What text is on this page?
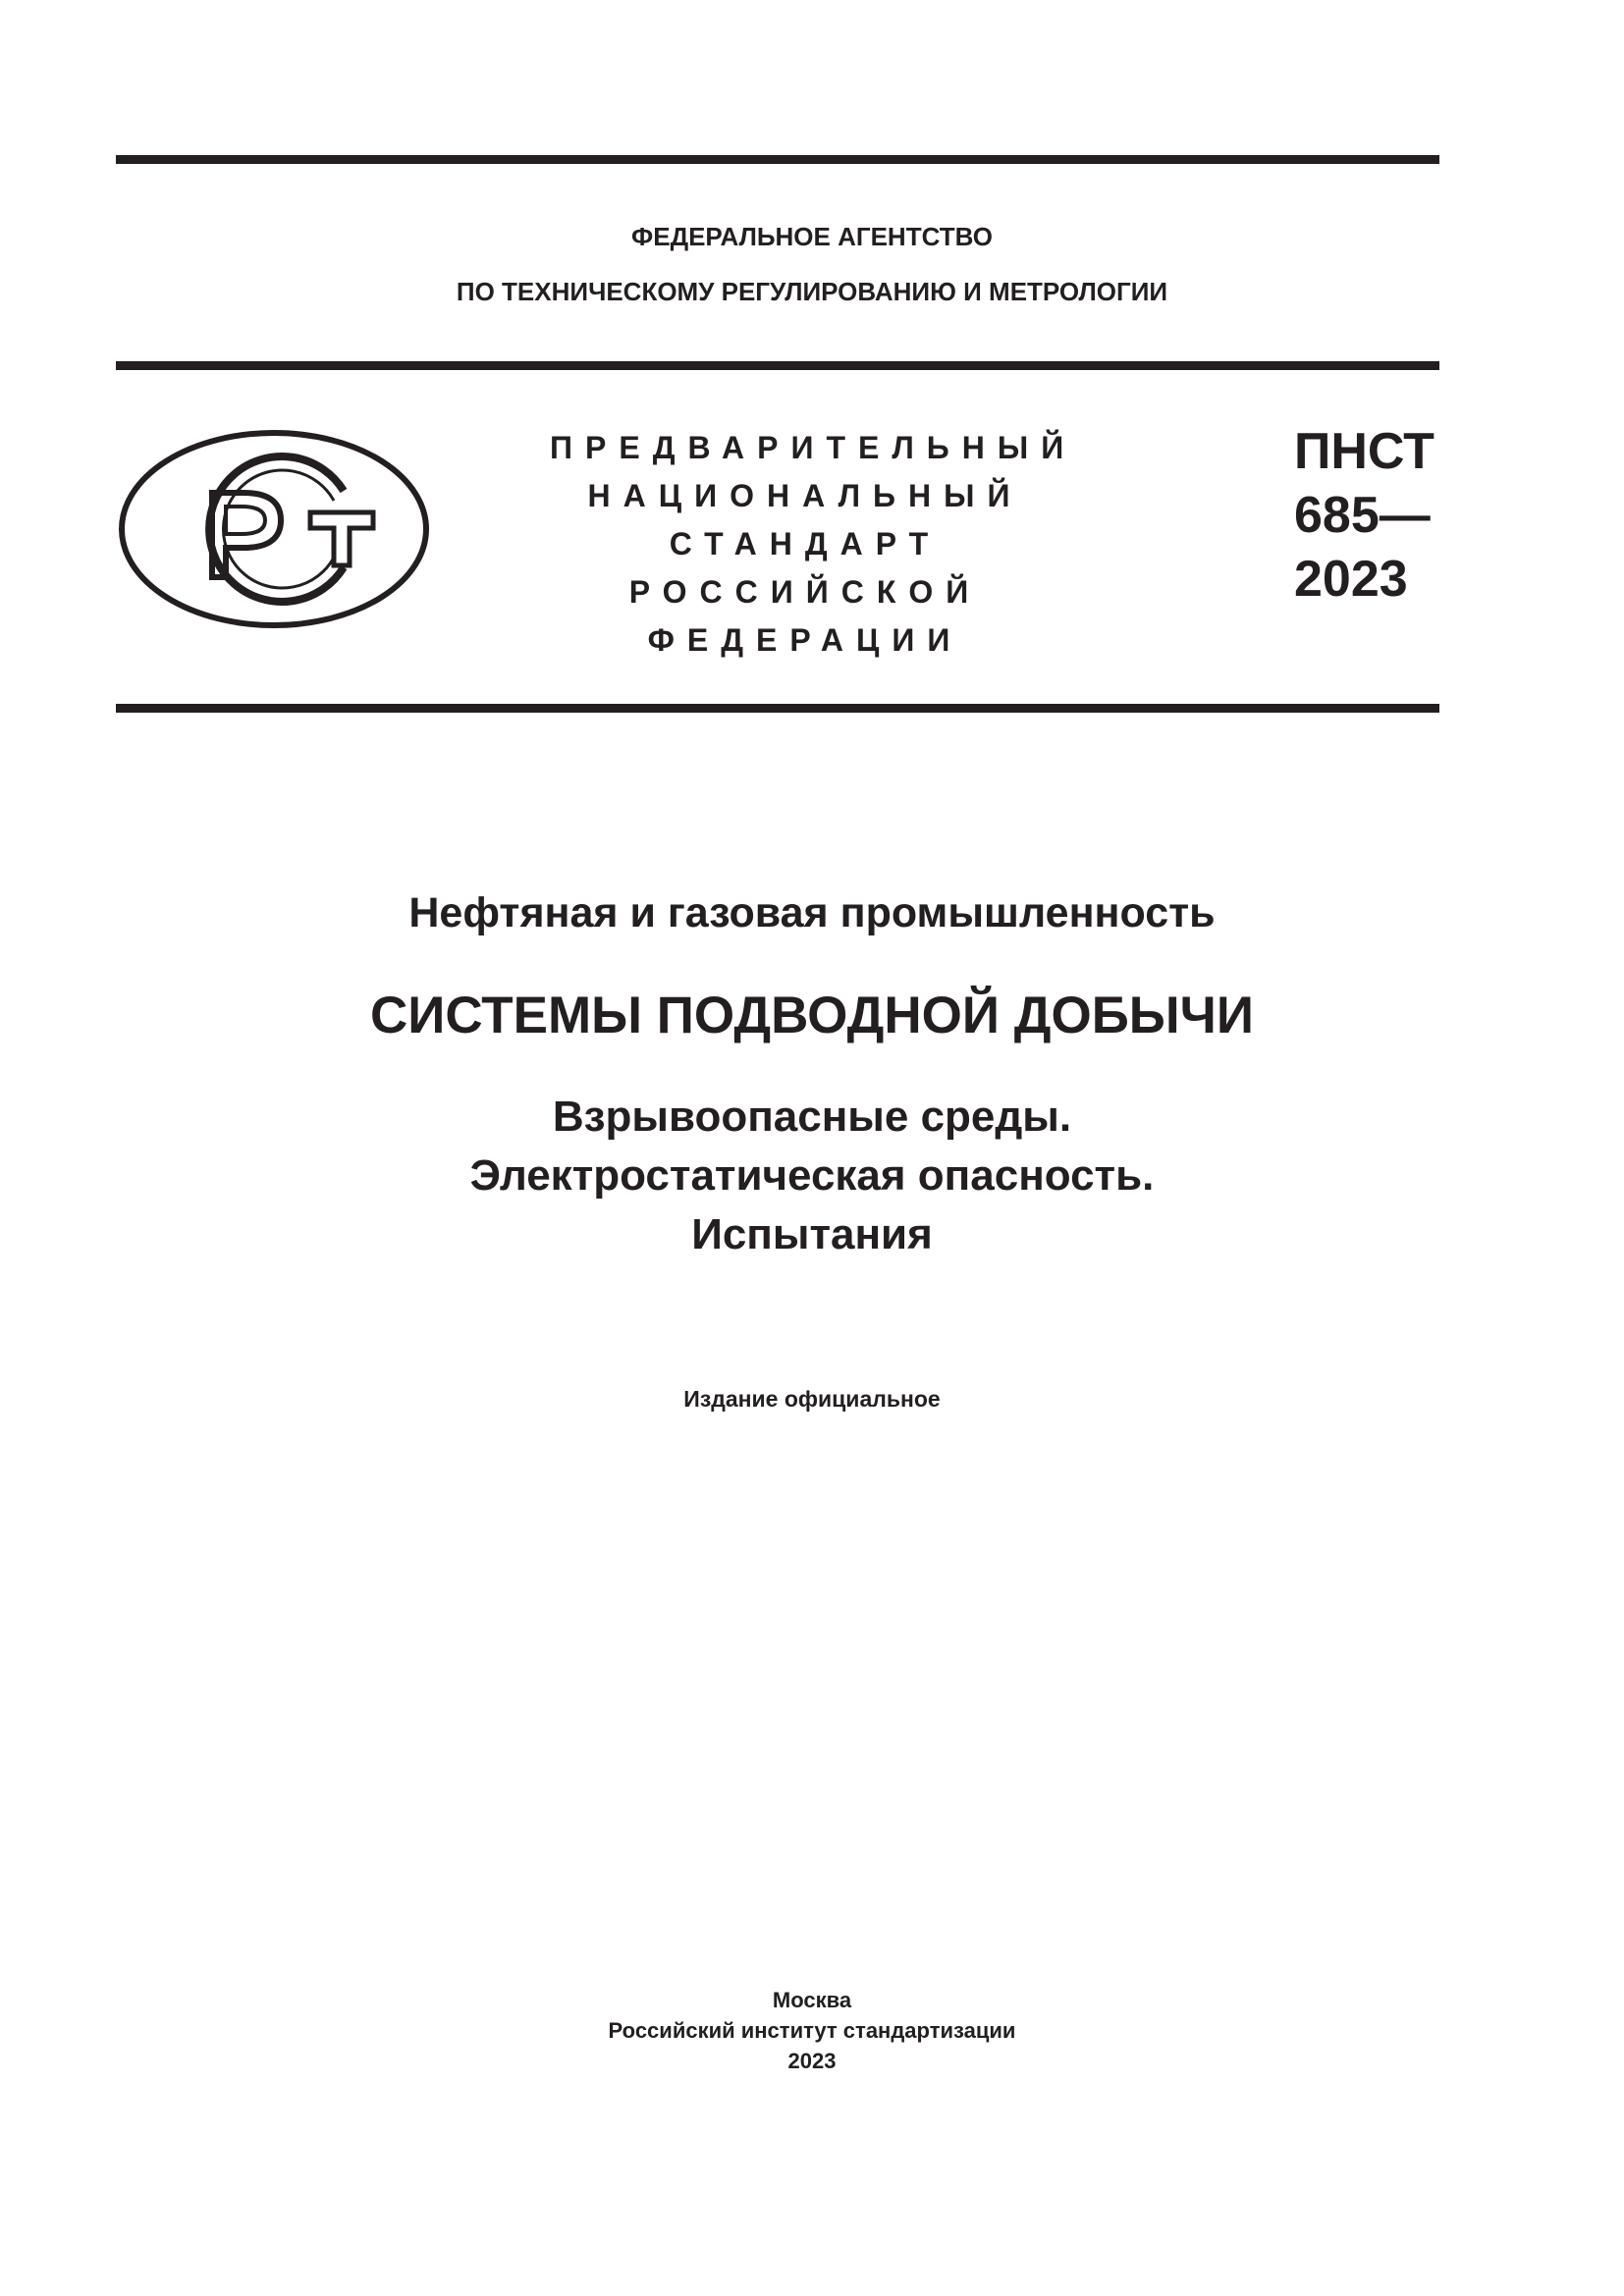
ФЕДЕРАЛЬНОЕ АГЕНТСТВО
ПО ТЕХНИЧЕСКОМУ РЕГУЛИРОВАНИЮ И МЕТРОЛОГИИ
ПРЕДВАРИТЕЛЬНЫЙ
НАЦИОНАЛЬНЫЙ
СТАНДАРТ
РОССИЙСКОЙ
ФЕДЕРАЦИИ
ПНСТ
685—
2023
Нефтяная и газовая промышленность
СИСТЕМЫ ПОДВОДНОЙ ДОБЫЧИ
Взрывоопасные среды.
Электростатическая опасность.
Испытания
Издание официальное
Москва
Российский институт стандартизации
2023
